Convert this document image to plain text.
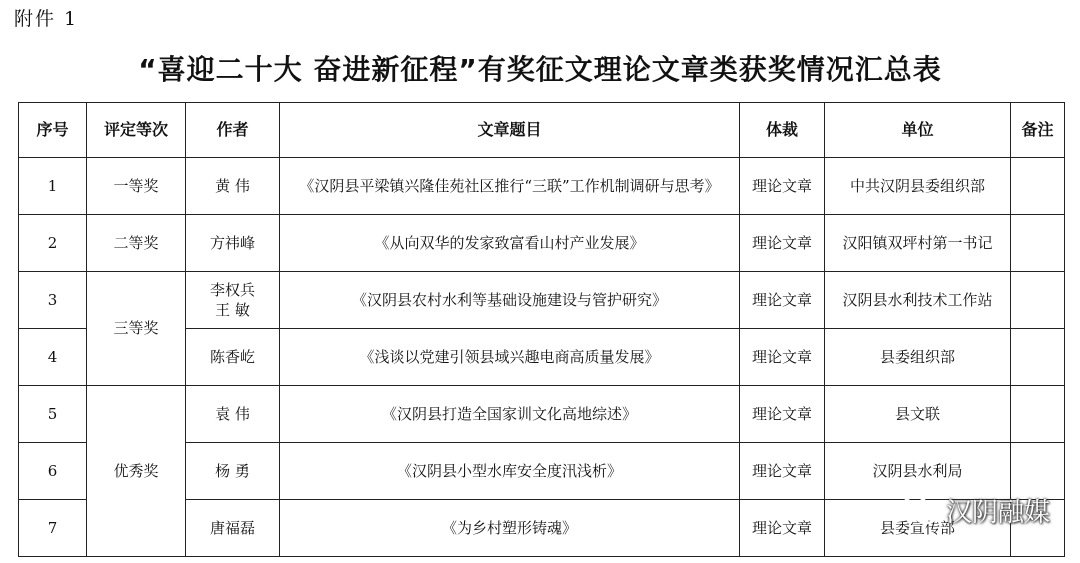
附件 1
“喜迎二十大 奋进新征程”有奖征文理论文章类获奖情况汇总表
序号	评定等次	作者	文章题目	体裁	单位	备注
1	一等奖	黄 伟	《汉阴县平梁镇兴隆佳苑社区推行“三联”工作机制调研与思考》	理论文章	中共汉阴县委组织部	
2	二等奖	方祎峰	《从向双华的发家致富看山村产业发展》	理论文章	汉阳镇双坪村第一书记	
3	三等奖	李权兵
王 敏	《汉阴县农村水利等基础设施建设与管护研究》	理论文章	汉阴县水利技术工作站	
4		陈香屹	《浅谈以党建引领县域兴趣电商高质量发展》	理论文章	县委组织部	
5	优秀奖	袁 伟	《汉阴县打造全国家训文化高地综述》	理论文章	县文联	
6		杨 勇	《汉阴县小型水库安全度汛浅析》	理论文章	汉阴县水利局	
7		唐福磊	《为乡村塑形铸魂》	理论文章	县委宣传部	
汉阴融媒
